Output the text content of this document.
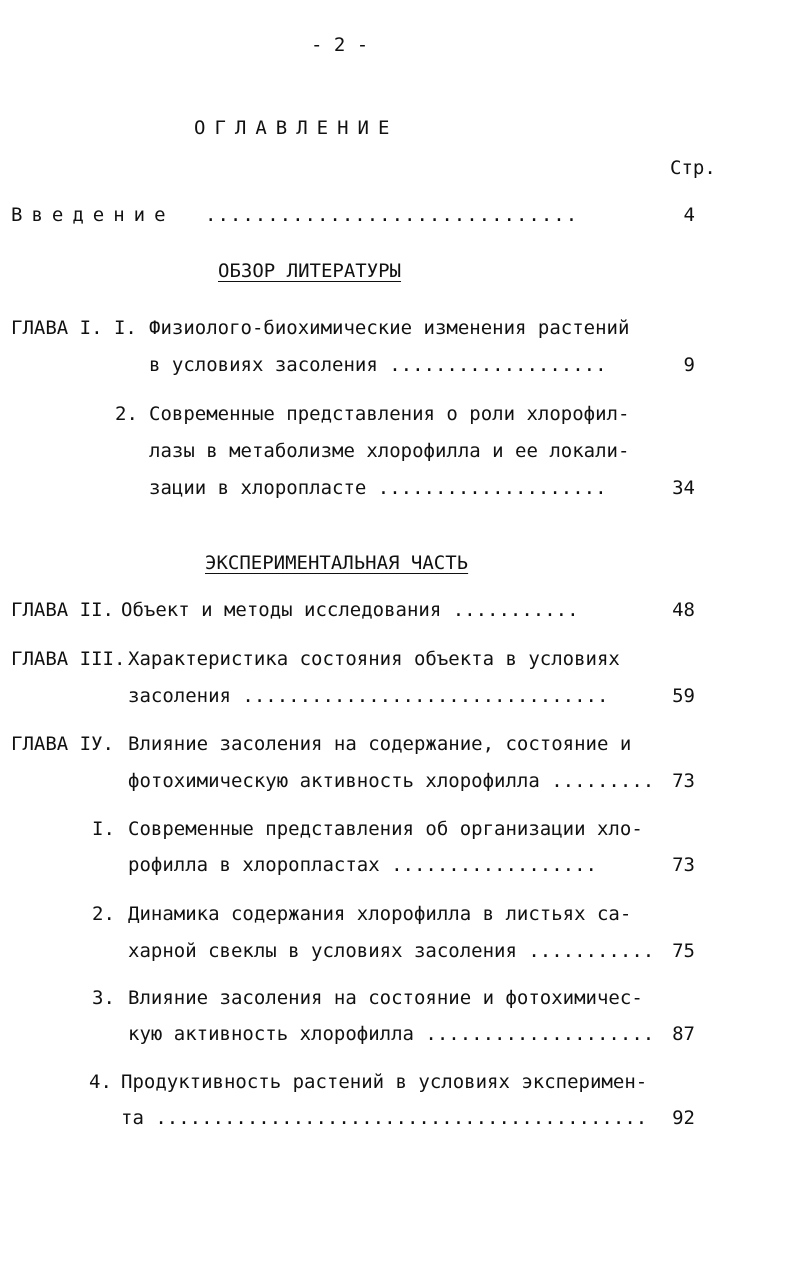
- 2 -
ОГЛАВЛЕНИЕ
Стр.
Введение ..............................	4
ОБЗОР ЛИТЕРАТУРЫ
ГЛАВА I. I. Физиолого-биохимические изменения растений
в условиях засоления ...................	9
2. Современные представления о роли хлорофил-
лазы в метаболизме хлорофилла и ее локали-
зации в хлоропласте ....................	34
ЭКСПЕРИМЕНТАЛЬНАЯ ЧАСТЬ
ГЛАВА II. Объект и методы исследования ...........	48
ГЛАВА III. Характеристика состояния объекта в условиях
засоления ................................	59
ГЛАВА IУ. Влияние засоления на содержание, состояние и
фотохимическую активность хлорофилла ......... 73
I. Современные представления об организации хло-
рофилла в хлоропластах ..................	73
2. Динамика содержания хлорофилла в листьях са-
харной свеклы в условиях засоления ........... 75
3. Влияние засоления на состояние и фотохимичес-
кую активность хлорофилла .................... 87
4. Продуктивность растений в условиях эксперимен-
та ........................................... 92
